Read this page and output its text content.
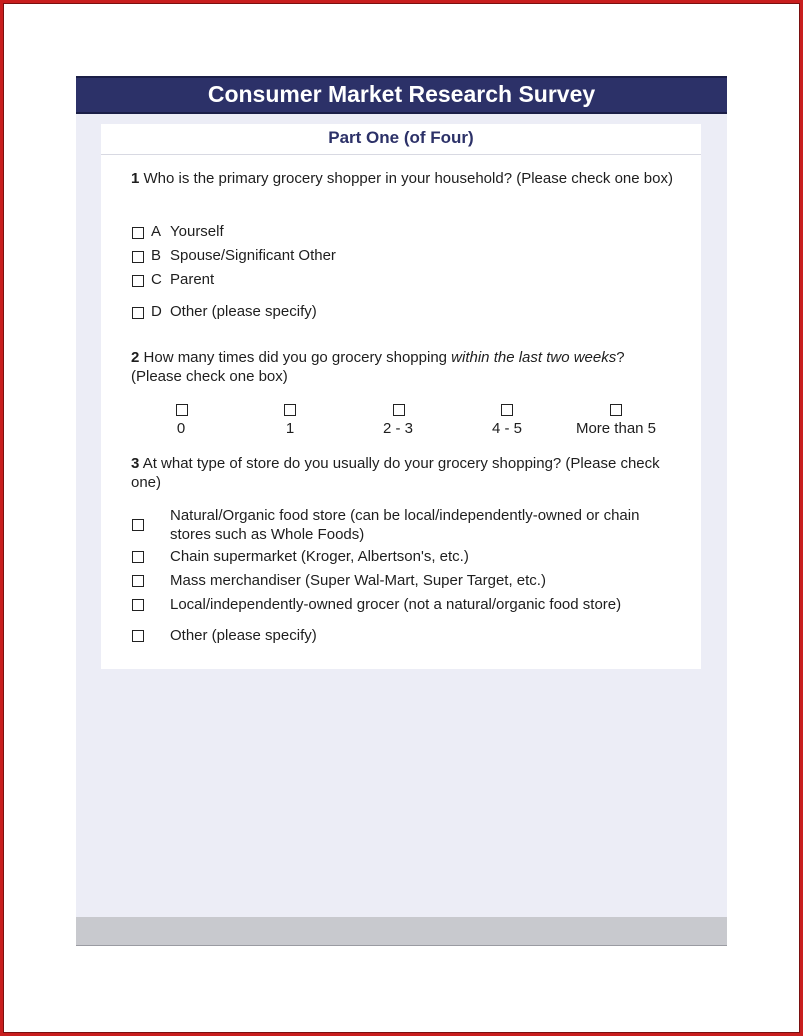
Consumer Market Research Survey
Part One (of Four)
1 Who is the primary grocery shopper in your household? (Please check one box)
A Yourself
B Spouse/Significant Other
C Parent
D Other (please specify)
2 How many times did you go grocery shopping within the last two weeks? (Please check one box)
0	1	2 - 3	4 - 5	More than 5
3 At what type of store do you usually do your grocery shopping? (Please check one)
Natural/Organic food store (can be local/independently-owned or chain stores such as Whole Foods)
Chain supermarket (Kroger, Albertson's, etc.)
Mass merchandiser (Super Wal-Mart, Super Target, etc.)
Local/independently-owned grocer (not a natural/organic food store)
Other (please specify)
